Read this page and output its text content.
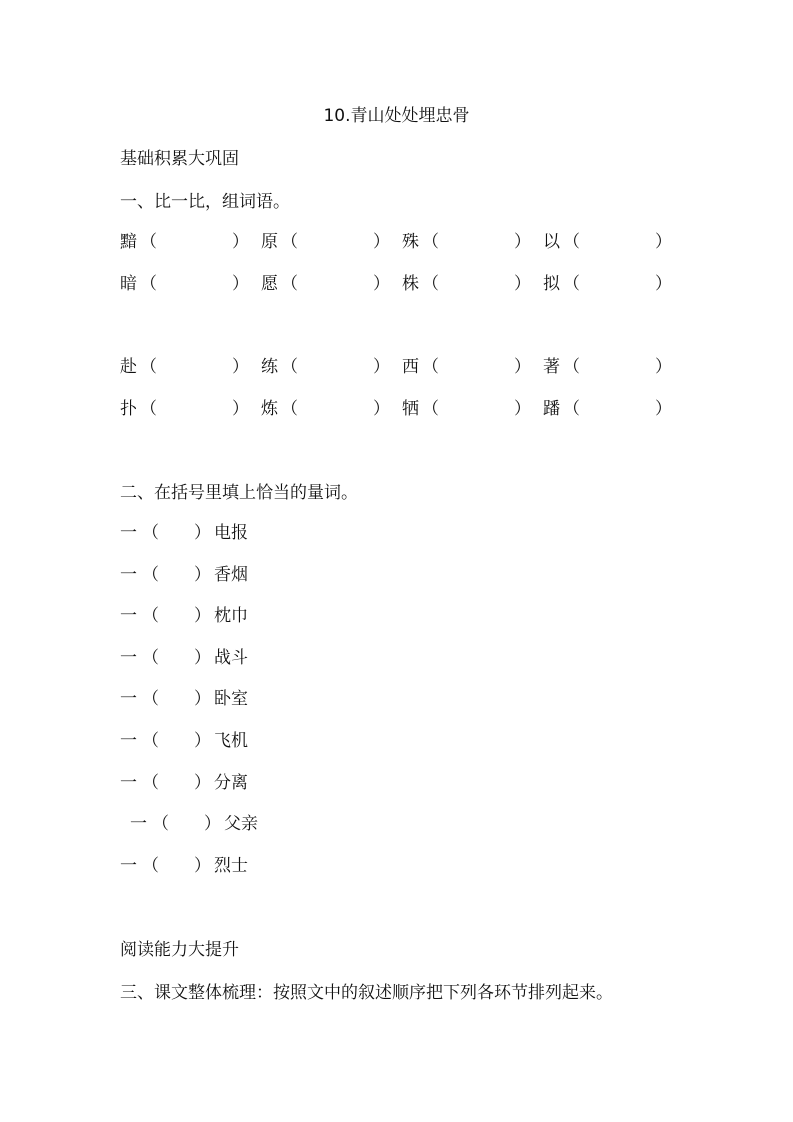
10.青山处处埋忠骨
基础积累大巩固
一、比一比，组词语。
黯 （	） 原 （	） 殊 （	） 以 （	）
暗 （	） 愿 （	） 株 （	） 拟 （	）
赴 （	） 练 （	） 西 （	） 著 （	）
扑 （	） 炼 （	） 牺 （	） 蹯 （	）
二、在括号里填上恰当的量词。
一 （ ） 电报
一 （ ） 香烟
一 （ ） 枕巾
一 （ ） 战斗
一 （ ） 卧室
一 （ ） 飞机
一 （ ） 分离
一 （ ） 父亲
一 （ ） 烈士
阅读能力大提升
三、课文整体梳理：按照文中的叙述顺序把下列各环节排列起来。
